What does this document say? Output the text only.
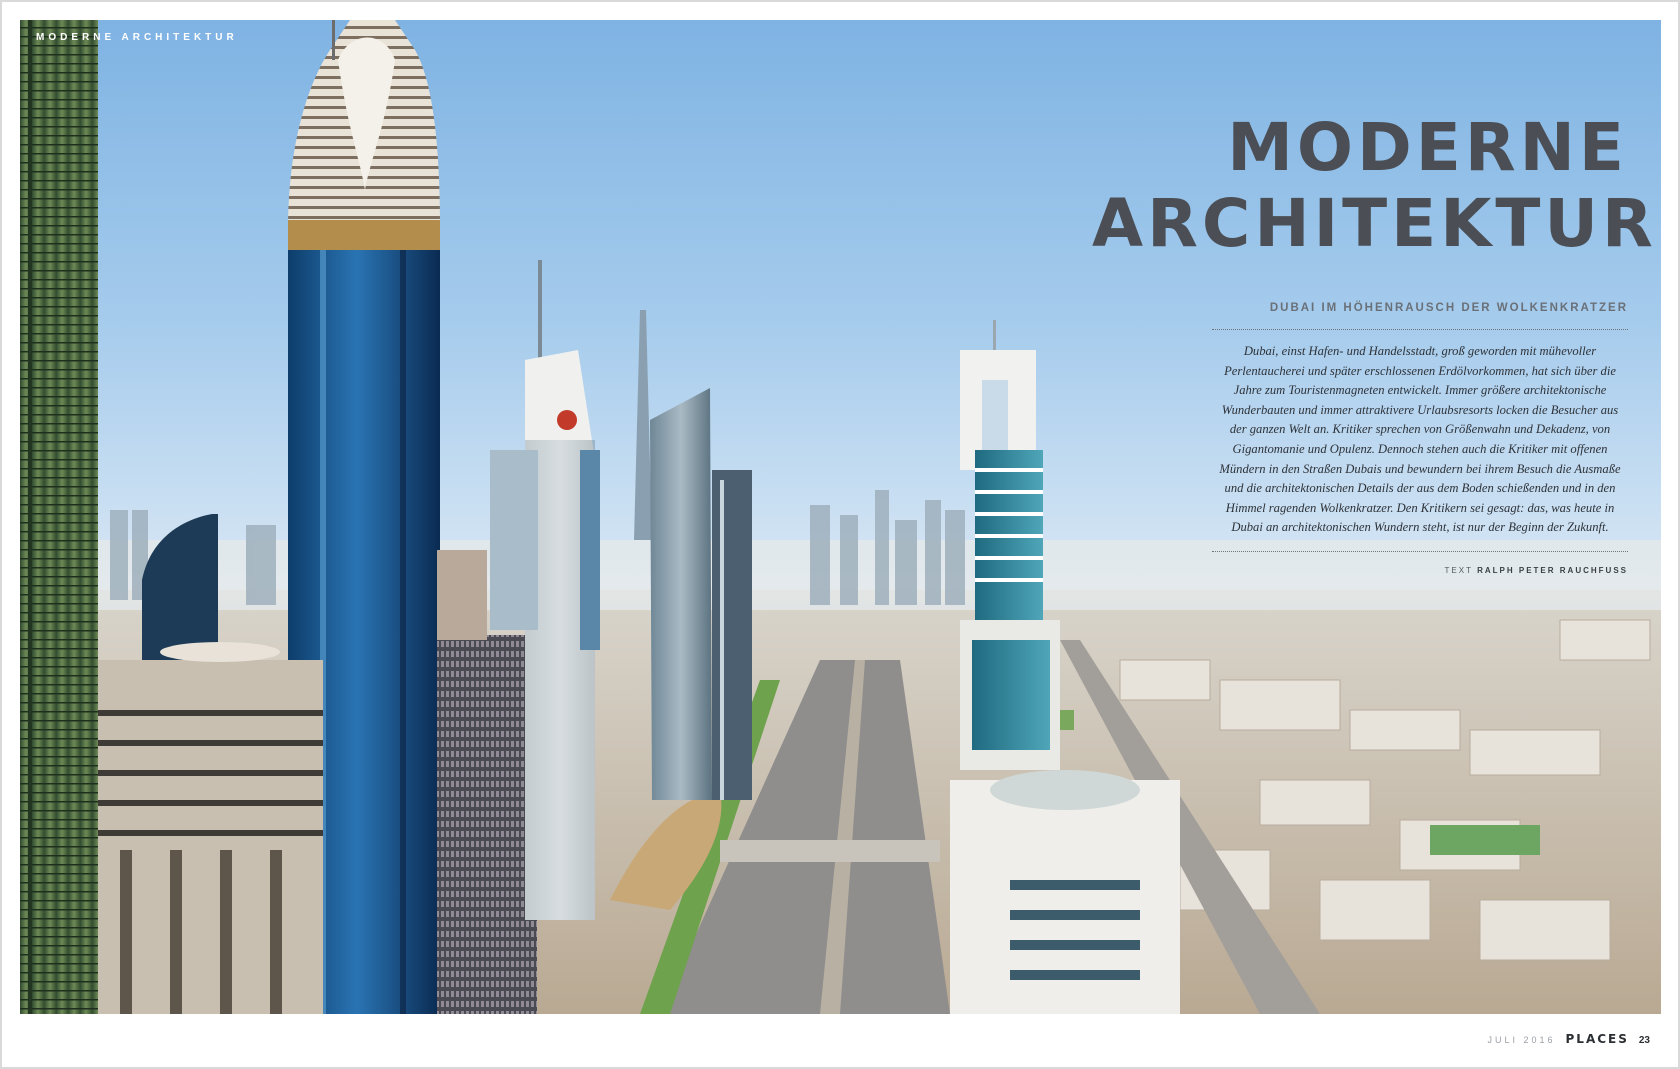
MODERNE ARCHITEKTUR
MODERNE
ARCHITEKTUR
DUBAI IM HÖHENRAUSCH DER WOLKENKRATZER
Dubai, einst Hafen- und Handelsstadt, groß geworden mit mühevoller Perlentaucherei und später erschlossenen Erdölvorkommen, hat sich über die Jahre zum Touristenmagneten entwickelt. Immer größere architektonische Wunderbauten und immer attraktivere Urlaubsresorts locken die Besucher aus der ganzen Welt an. Kritiker sprechen von Größenwahn und Dekadenz, von Gigantomanie und Opulenz. Dennoch stehen auch die Kritiker mit offenen Mündern in den Straßen Dubais und bewundern bei ihrem Besuch die Ausmaße und die architektonischen Details der aus dem Boden schießenden und in den Himmel ragenden Wolkenkratzer. Den Kritikern sei gesagt: das, was heute in Dubai an architektonischen Wundern steht, ist nur der Beginn der Zukunft.
TEXT RALPH PETER RAUCHFUSS
JULI 2016 PLACES 23
